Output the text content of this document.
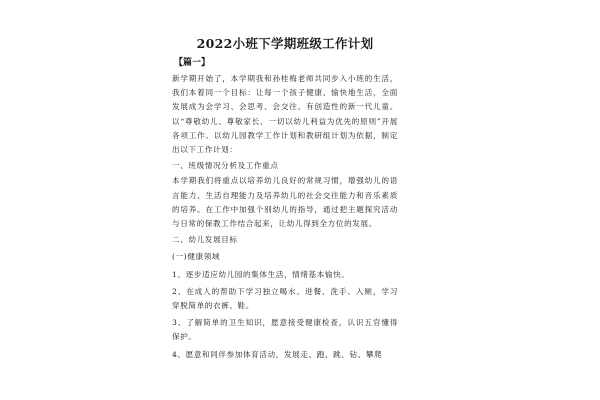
2022小班下学期班级工作计划
【篇一】

新学期开始了，本学期我和孙桂梅老师共同步入小班的生活，我们本着同一个目标：让每一个孩子健康、愉快地生活，全面发展成为会学习、会思考、会交往、有创造性的新一代儿童。以“尊敬幼儿、尊敬家长、一切以幼儿利益为优先的原则”开展各项工作。以幼儿园教学工作计划和教研组计划为依据，制定出以下工作计划：

一、班级情况分析及工作重点

本学期我们将重点以培养幼儿良好的常规习惯，增强幼儿的语言能力、生活自理能力及培养幼儿的社会交往能力和音乐素质的培养。在工作中加强个别幼儿的指导，通过把主题探究活动与日常的保教工作结合起来，让幼儿得到全方位的发展。

二、幼儿发展目标

(一)健康领域

1、逐步适应幼儿园的集体生活，情绪基本愉快。

2、在成人的帮助下学习独立喝水、进餐、洗手、入厕，学习穿脱简单的衣裤、鞋。

3、了解简单的卫生知识，愿意接受健康检查，认识五官懂得保护。

4、愿意和同伴参加体育活动，发展走、跑、跳、钻、攀爬
